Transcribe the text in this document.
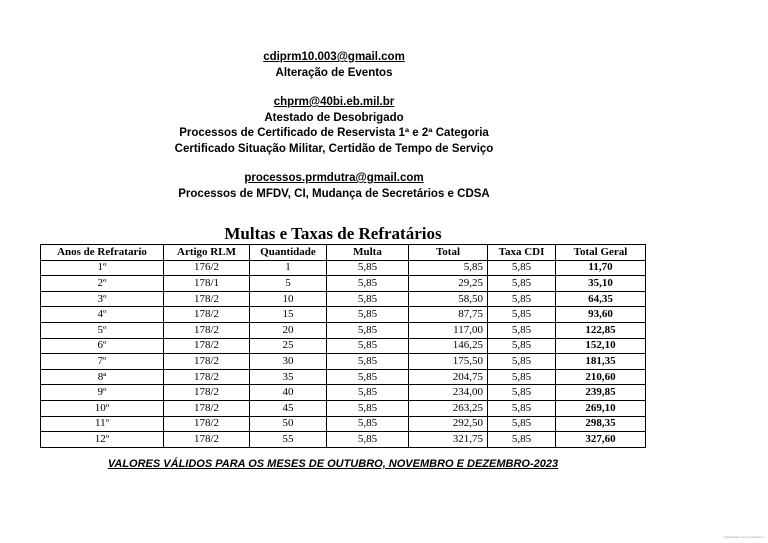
cdiprm10.003@gmail.com
Alteração de Eventos
chprm@40bi.eb.mil.br
Atestado de Desobrigado
Processos de Certificado de Reservista 1ª e 2ª Categoria
Certificado Situação Militar, Certidão de Tempo de Serviço
processos.prmdutra@gmail.com
Processos de MFDV, CI, Mudança de Secretários e CDSA
Multas e Taxas de Refratários
Anos de Refratario	Artigo RLM	Quantidade	Multa	Total	Taxa CDI	Total Geral
1º	176/2	1	5,85	5,85	5,85	11,70
2º	178/1	5	5,85	29,25	5,85	35,10
3º	178/2	10	5,85	58,50	5,85	64,35
4º	178/2	15	5,85	87,75	5,85	93,60
5º	178/2	20	5,85	117,00	5,85	122,85
6º	178/2	25	5,85	146,25	5,85	152,10
7º	178/2	30	5,85	175,50	5,85	181,35
8ª	178/2	35	5,85	204,75	5,85	210,60
9º	178/2	40	5,85	234,00	5,85	239,85
10º	178/2	45	5,85	263,25	5,85	269,10
11º	178/2	50	5,85	292,50	5,85	298,35
12º	178/2	55	5,85	321,75	5,85	327,60
VALORES VÁLIDOS PARA OS MESES DE OUTUBRO, NOVEMBRO E DEZEMBRO-2023
Digitalizado com CamScanner
